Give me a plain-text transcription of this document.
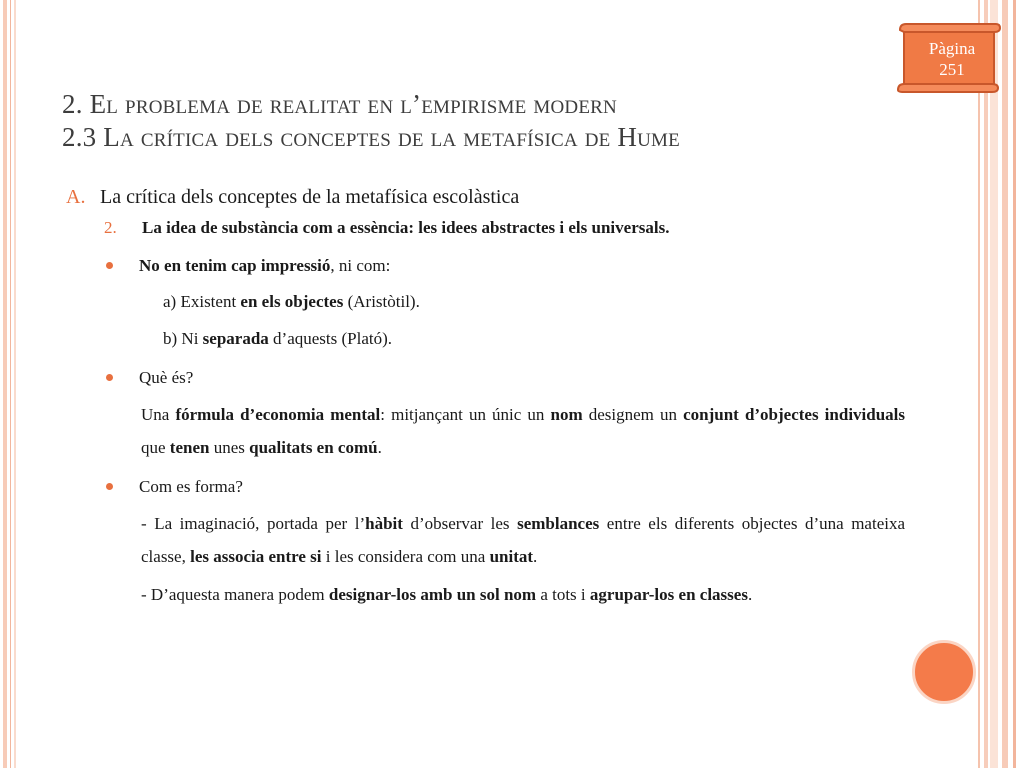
Pàgina
251
2. El problema de realitat en l’empirisme modern
2.3 La crítica dels conceptes de la metafísica de Hume
A. La crítica dels conceptes de la metafísica escolàstica
2. La idea de substància com a essència: les idees abstractes i els universals.
No en tenim cap impressió, ni com:
a) Existent en els objectes (Aristòtil).
b) Ni separada d’aquests (Plató).
Què és?
Una fórmula d’economia mental: mitjançant un únic un nom designem un conjunt d’objectes individuals que tenen unes qualitats en comú.
Com es forma?
- La imaginació, portada per l’hàbit d’observar les semblances entre els diferents objectes d’una mateixa classe, les associa entre si i les considera com una unitat.
- D’aquesta manera podem designar-los amb un sol nom a tots i agrupar-los en classes.
